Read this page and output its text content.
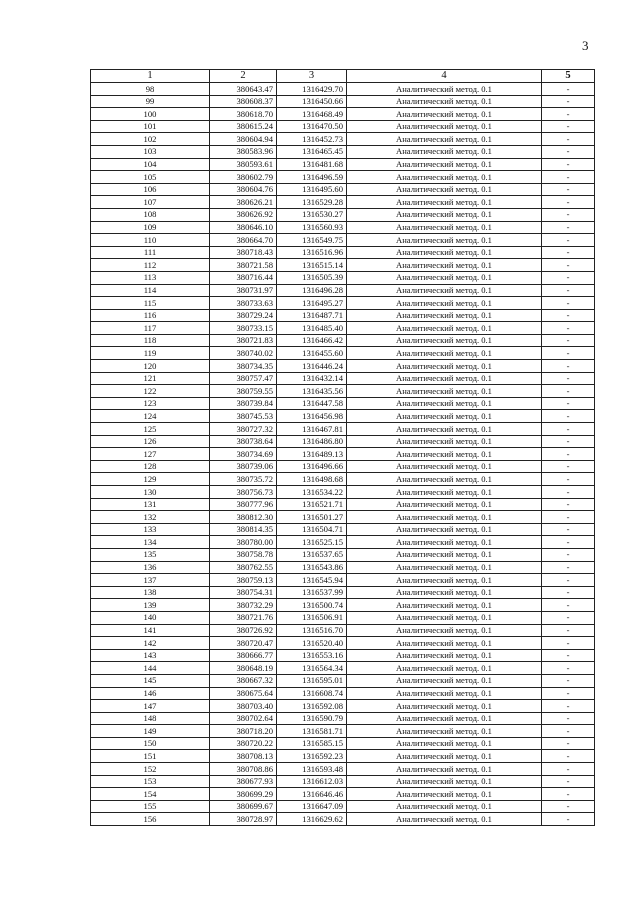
3
1	2	3	4	5
98	380643.47	1316429.70	Аналитический метод. 0.1	-
99	380608.37	1316450.66	Аналитический метод. 0.1	-
100	380618.70	1316468.49	Аналитический метод. 0.1	-
101	380615.24	1316470.50	Аналитический метод. 0.1	-
102	380604.94	1316452.73	Аналитический метод. 0.1	-
103	380583.96	1316465.45	Аналитический метод. 0.1	-
104	380593.61	1316481.68	Аналитический метод. 0.1	-
105	380602.79	1316496.59	Аналитический метод. 0.1	-
106	380604.76	1316495.60	Аналитический метод. 0.1	-
107	380626.21	1316529.28	Аналитический метод. 0.1	-
108	380626.92	1316530.27	Аналитический метод. 0.1	-
109	380646.10	1316560.93	Аналитический метод. 0.1	-
110	380664.70	1316549.75	Аналитический метод. 0.1	-
111	380718.43	1316516.96	Аналитический метод. 0.1	-
112	380721.58	1316515.14	Аналитический метод. 0.1	-
113	380716.44	1316505.39	Аналитический метод. 0.1	-
114	380731.97	1316496.28	Аналитический метод. 0.1	-
115	380733.63	1316495.27	Аналитический метод. 0.1	-
116	380729.24	1316487.71	Аналитический метод. 0.1	-
117	380733.15	1316485.40	Аналитический метод. 0.1	-
118	380721.83	1316466.42	Аналитический метод. 0.1	-
119	380740.02	1316455.60	Аналитический метод. 0.1	-
120	380734.35	1316446.24	Аналитический метод. 0.1	-
121	380757.47	1316432.14	Аналитический метод. 0.1	-
122	380759.55	1316435.56	Аналитический метод. 0.1	-
123	380739.84	1316447.58	Аналитический метод. 0.1	-
124	380745.53	1316456.98	Аналитический метод. 0.1	-
125	380727.32	1316467.81	Аналитический метод. 0.1	-
126	380738.64	1316486.80	Аналитический метод. 0.1	-
127	380734.69	1316489.13	Аналитический метод. 0.1	-
128	380739.06	1316496.66	Аналитический метод. 0.1	-
129	380735.72	1316498.68	Аналитический метод. 0.1	-
130	380756.73	1316534.22	Аналитический метод. 0.1	-
131	380777.96	1316521.71	Аналитический метод. 0.1	-
132	380812.30	1316501.27	Аналитический метод. 0.1	-
133	380814.35	1316504.71	Аналитический метод. 0.1	-
134	380780.00	1316525.15	Аналитический метод. 0.1	-
135	380758.78	1316537.65	Аналитический метод. 0.1	-
136	380762.55	1316543.86	Аналитический метод. 0.1	-
137	380759.13	1316545.94	Аналитический метод. 0.1	-
138	380754.31	1316537.99	Аналитический метод. 0.1	-
139	380732.29	1316500.74	Аналитический метод. 0.1	-
140	380721.76	1316506.91	Аналитический метод. 0.1	-
141	380726.92	1316516.70	Аналитический метод. 0.1	-
142	380720.47	1316520.40	Аналитический метод. 0.1	-
143	380666.77	1316553.16	Аналитический метод. 0.1	-
144	380648.19	1316564.34	Аналитический метод. 0.1	-
145	380667.32	1316595.01	Аналитический метод. 0.1	-
146	380675.64	1316608.74	Аналитический метод. 0.1	-
147	380703.40	1316592.08	Аналитический метод. 0.1	-
148	380702.64	1316590.79	Аналитический метод. 0.1	-
149	380718.20	1316581.71	Аналитический метод. 0.1	-
150	380720.22	1316585.15	Аналитический метод. 0.1	-
151	380708.13	1316592.23	Аналитический метод. 0.1	-
152	380708.86	1316593.48	Аналитический метод. 0.1	-
153	380677.93	1316612.03	Аналитический метод. 0.1	-
154	380699.29	1316646.46	Аналитический метод. 0.1	-
155	380699.67	1316647.09	Аналитический метод. 0.1	-
156	380728.97	1316629.62	Аналитический метод. 0.1	-
